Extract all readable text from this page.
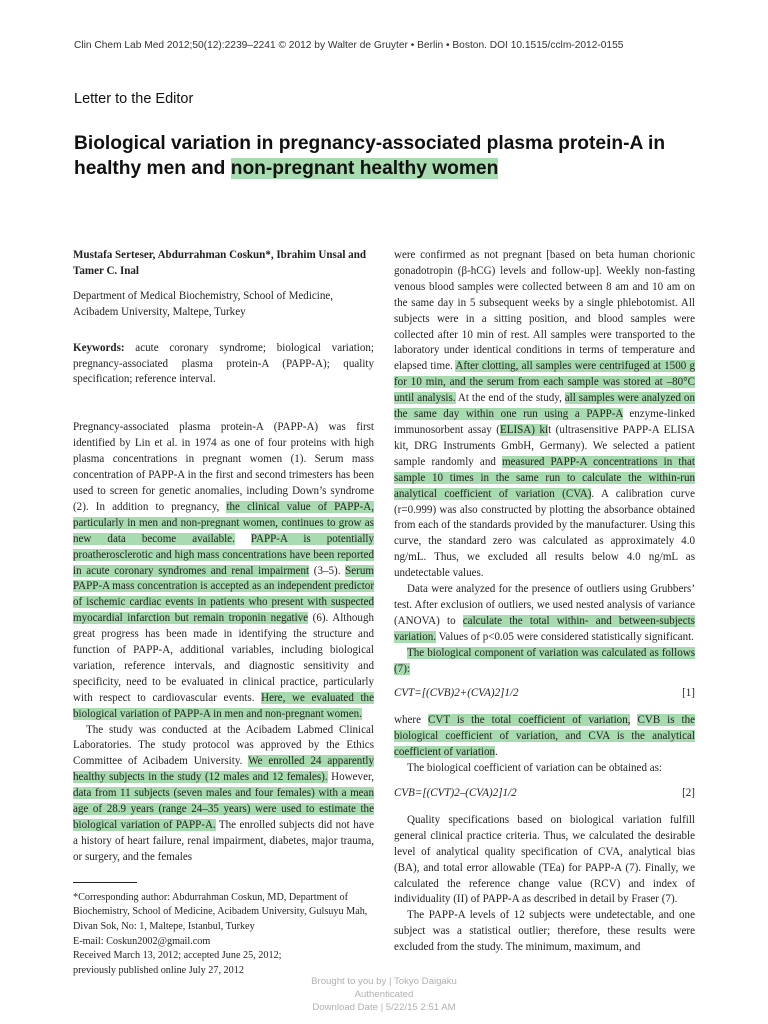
Clin Chem Lab Med 2012;50(12):2239–2241 © 2012 by Walter de Gruyter • Berlin • Boston. DOI 10.1515/cclm-2012-0155
Letter to the Editor
Biological variation in pregnancy-associated plasma protein-A in healthy men and non-pregnant healthy women

Mustafa Serteser, Abdurrahman Coskun*, Ibrahim Unsal and Tamer C. Inal

Department of Medical Biochemistry, School of Medicine, Acibadem University, Maltepe, Turkey

Keywords: acute coronary syndrome; biological variation; pregnancy-associated plasma protein-A (PAPP-A); quality specification; reference interval.

Pregnancy-associated plasma protein-A (PAPP-A) was first identified by Lin et al. in 1974 as one of four proteins with high plasma concentrations in pregnant women (1). Serum mass concentration of PAPP-A in the first and second trimesters has been used to screen for genetic anomalies, including Down’s syndrome (2). In addition to pregnancy, the clinical value of PAPP-A, particularly in men and non-pregnant women, continues to grow as new data become available. PAPP-A is potentially proatherosclerotic and high mass concentrations have been reported in acute coronary syndromes and renal impairment (3–5). Serum PAPP-A mass concentration is accepted as an independent predictor of ischemic cardiac events in patients who present with suspected myocardial infarction but remain troponin negative (6). Although great progress has been made in identifying the structure and function of PAPP-A, additional variables, including biological variation, reference intervals, and diagnostic sensitivity and specificity, need to be evaluated in clinical practice, particularly with respect to cardiovascular events. Here, we evaluated the biological variation of PAPP-A in men and non-pregnant women.

The study was conducted at the Acibadem Labmed Clinical Laboratories. The study protocol was approved by the Ethics Committee of Acibadem University. We enrolled 24 apparently healthy subjects in the study (12 males and 12 females). However, data from 11 subjects (seven males and four females) with a mean age of 28.9 years (range 24–35 years) were used to estimate the biological variation of PAPP-A. The enrolled subjects did not have a history of heart failure, renal impairment, diabetes, major trauma, or surgery, and the females

*Corresponding author: Abdurrahman Coskun, MD, Department of Biochemistry, School of Medicine, Acibadem University, Gulsuyu Mah, Divan Sok, No: 1, Maltepe, Istanbul, Turkey

E-mail: Coskun2002@gmail.com

Received March 13, 2012; accepted June 25, 2012;

previously published online July 27, 2012

were confirmed as not pregnant [based on beta human chorionic gonadotropin (β-hCG) levels and follow-up]. Weekly non-fasting venous blood samples were collected between 8 am and 10 am on the same day in 5 subsequent weeks by a single phlebotomist. All subjects were in a sitting position, and blood samples were collected after 10 min of rest. All samples were transported to the laboratory under identical conditions in terms of temperature and elapsed time. After clotting, all samples were centrifuged at 1500 g for 10 min, and the serum from each sample was stored at –80°C until analysis. At the end of the study, all samples were analyzed on the same day within one run using a PAPP-A enzyme-linked immunosorbent assay (ELISA) kit (ultrasensitive PAPP-A ELISA kit, DRG Instruments GmbH, Germany). We selected a patient sample randomly and measured PAPP-A concentrations in that sample 10 times in the same run to calculate the within-run analytical coefficient of variation (CVA). A calibration curve (r=0.999) was also constructed by plotting the absorbance obtained from each of the standards provided by the manufacturer. Using this curve, the standard zero was calculated as approximately 4.0 ng/mL. Thus, we excluded all results below 4.0 ng/mL as undetectable values.

Data were analyzed for the presence of outliers using Grubbers’ test. After exclusion of outliers, we used nested analysis of variance (ANOVA) to calculate the total within- and between-subjects variation. Values of p<0.05 were considered statistically significant.

The biological component of variation was calculated as follows (7):

CVT=[(CVB)2+(CVA)2]1/2	[1]

where CVT is the total coefficient of variation, CVB is the biological coefficient of variation, and CVA is the analytical coefficient of variation.

The biological coefficient of variation can be obtained as:

CVB=[(CVT)2–(CVA)2]1/2	[2]

Quality specifications based on biological variation fulfill general clinical practice criteria. Thus, we calculated the desirable level of analytical quality specification of CVA, analytical bias (BA), and total error allowable (TEa) for PAPP-A (7). Finally, we calculated the reference change value (RCV) and index of individuality (II) of PAPP-A as described in detail by Fraser (7).

The PAPP-A levels of 12 subjects were undetectable, and one subject was a statistical outlier; therefore, these results were excluded from the study. The minimum, maximum, and

Brought to you by | Tokyo Daigaku
Authenticated
Download Date | 5/22/15 2:51 AM
